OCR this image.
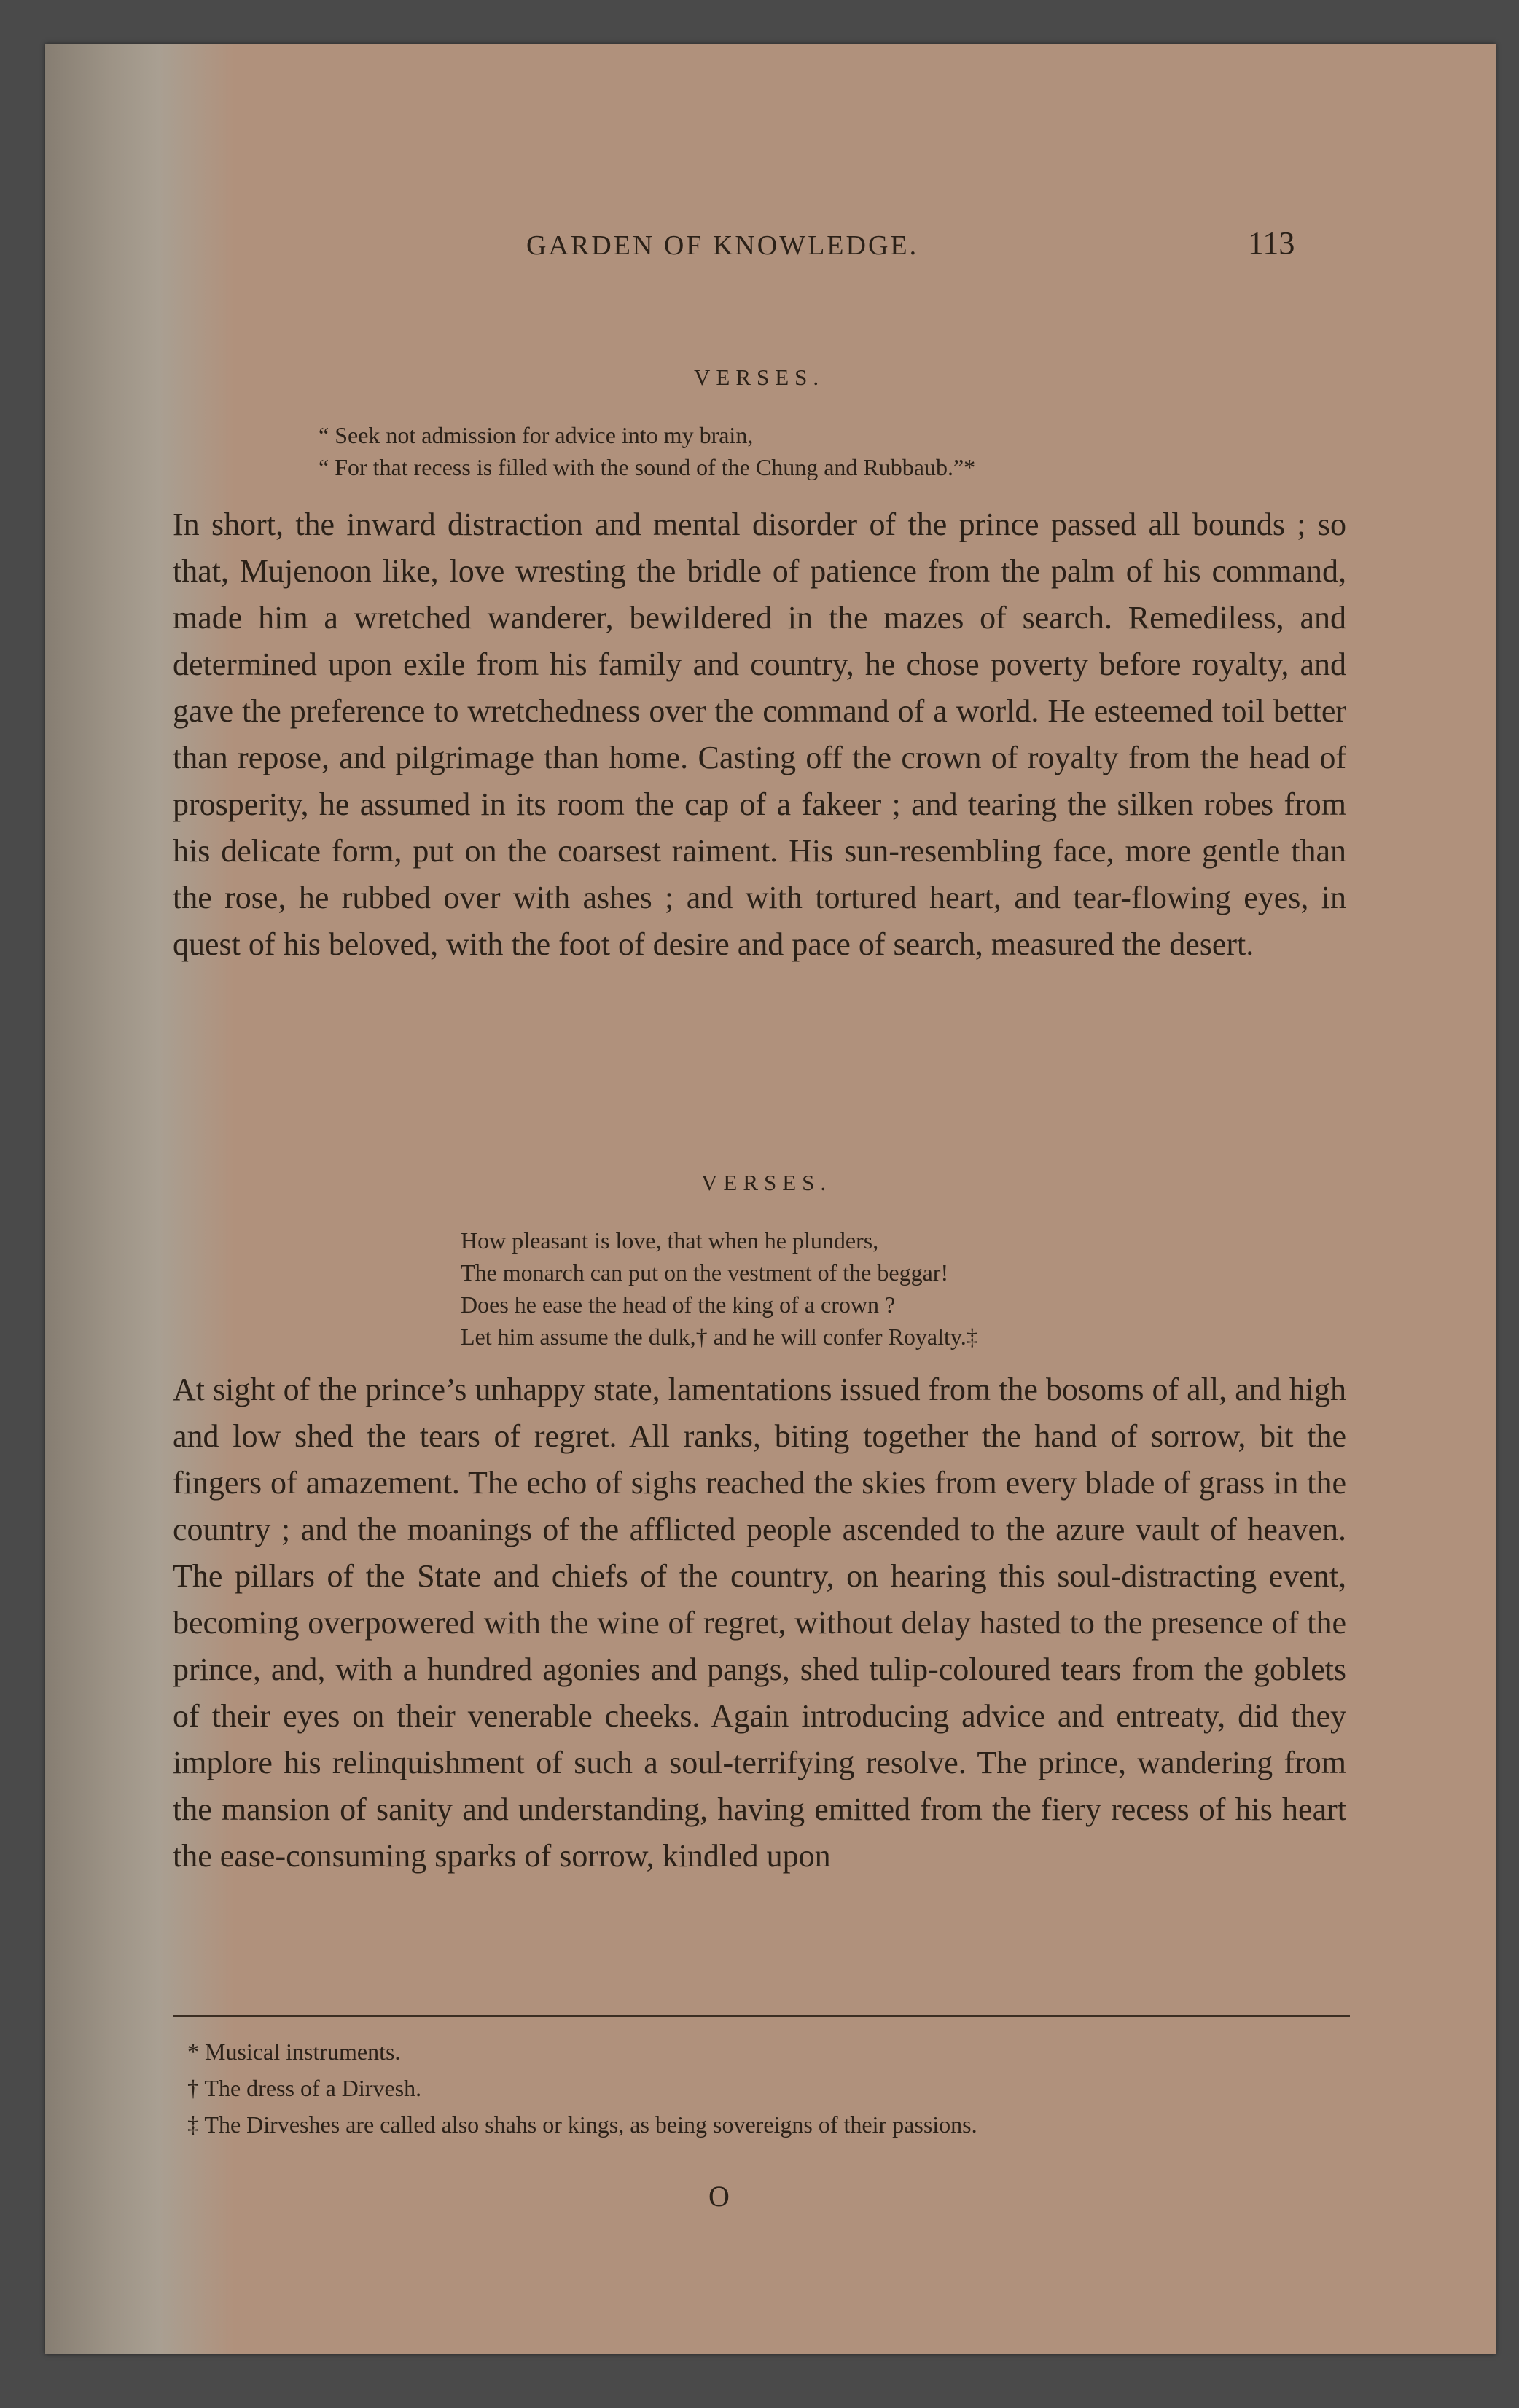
GARDEN OF KNOWLEDGE.	113
VERSES.
“ Seek not admission for advice into my brain,
“ For that recess is filled with the sound of the Chung and Rubbaub.”*

In short, the inward distraction and mental disorder of the prince passed all bounds ; so that, Mujenoon like, love wresting the bridle of patience from the palm of his command, made him a wretched wanderer, bewildered in the mazes of search. Remediless, and determined upon exile from his family and country, he chose poverty before royalty, and gave the preference to wretchedness over the command of a world. He esteemed toil better than repose, and pilgrimage than home. Casting off the crown of royalty from the head of prosperity, he assumed in its room the cap of a fakeer ; and tearing the silken robes from his delicate form, put on the coarsest raiment. His sun-resembling face, more gentle than the rose, he rubbed over with ashes ; and with tortured heart, and tear-flowing eyes, in quest of his beloved, with the foot of desire and pace of search, measured the desert.

VERSES.
How pleasant is love, that when he plunders,
The monarch can put on the vestment of the beggar!
Does he ease the head of the king of a crown ?
Let him assume the dulk,† and he will confer Royalty.‡

At sight of the prince’s unhappy state, lamentations issued from the bosoms of all, and high and low shed the tears of regret. All ranks, biting together the hand of sorrow, bit the fingers of amazement. The echo of sighs reached the skies from every blade of grass in the country ; and the moanings of the afflicted people ascended to the azure vault of heaven. The pillars of the State and chiefs of the country, on hearing this soul-distracting event, becoming overpowered with the wine of regret, without delay hasted to the presence of the prince, and, with a hundred agonies and pangs, shed tulip-coloured tears from the goblets of their eyes on their venerable cheeks. Again introducing advice and entreaty, did they implore his relinquishment of such a soul-terrifying resolve. The prince, wandering from the mansion of sanity and understanding, having emitted from the fiery recess of his heart the ease-consuming sparks of sorrow, kindled upon

* Musical instruments.

† The dress of a Dirvesh.

‡ The Dirveshes are called also shahs or kings, as being sovereigns of their passions.

O
